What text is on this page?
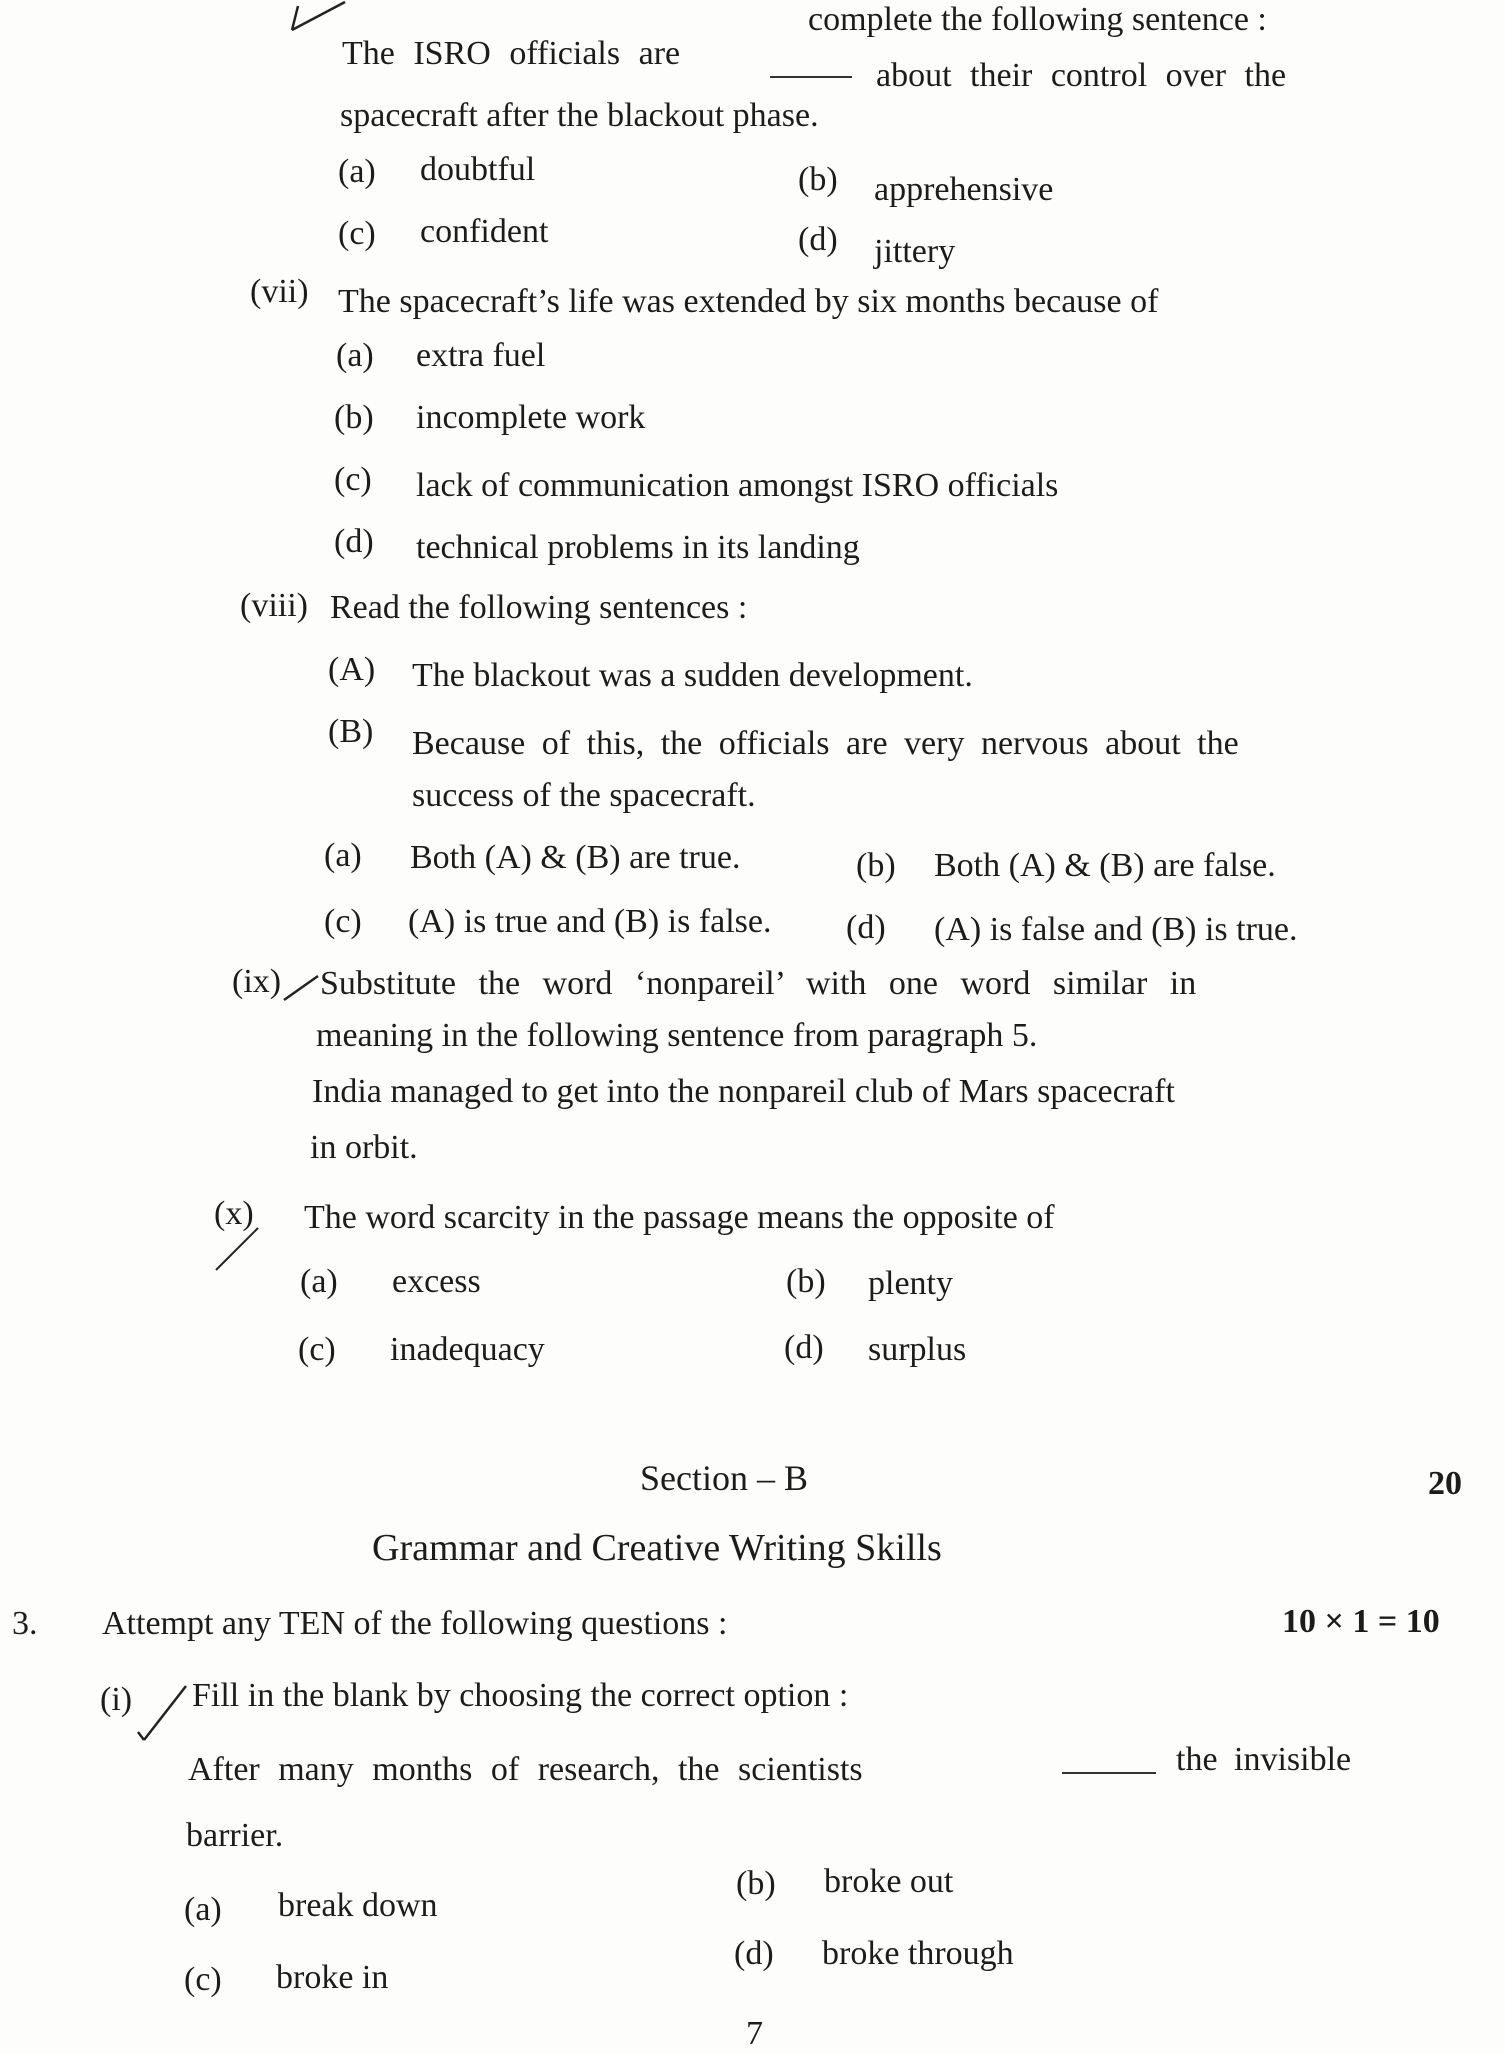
complete the following sentence :
The ISRO officials are
about their control over the
spacecraft after the blackout phase.
(a) doubtful	(b) apprehensive
(c) confident	(d) jittery
(vii) The spacecraft’s life was extended by six months because of
(a) extra fuel
(b) incomplete work
(c) lack of communication amongst ISRO officials
(d) technical problems in its landing
(viii) Read the following sentences :
(A) The blackout was a sudden development.
(B) Because of this, the officials are very nervous about the
success of the spacecraft.
(a) Both (A) & (B) are true.	(b) Both (A) & (B) are false.
(c) (A) is true and (B) is false. (d) (A) is false and (B) is true.
(ix) Substitute the word ‘nonpareil’ with one word similar in
meaning in the following sentence from paragraph 5.
India managed to get into the nonpareil club of Mars spacecraft
in orbit.
(x) The word scarcity in the passage means the opposite of
(a) excess	(b) plenty
(c) inadequacy	(d) surplus
Section – B	20
Grammar and Creative Writing Skills
3. Attempt any TEN of the following questions :	10 × 1 = 10
(i) Fill in the blank by choosing the correct option :
After many months of research, the scientists	the invisible
barrier.
(a) break down
(b) broke out
(c) broke in
(d) broke through
7
